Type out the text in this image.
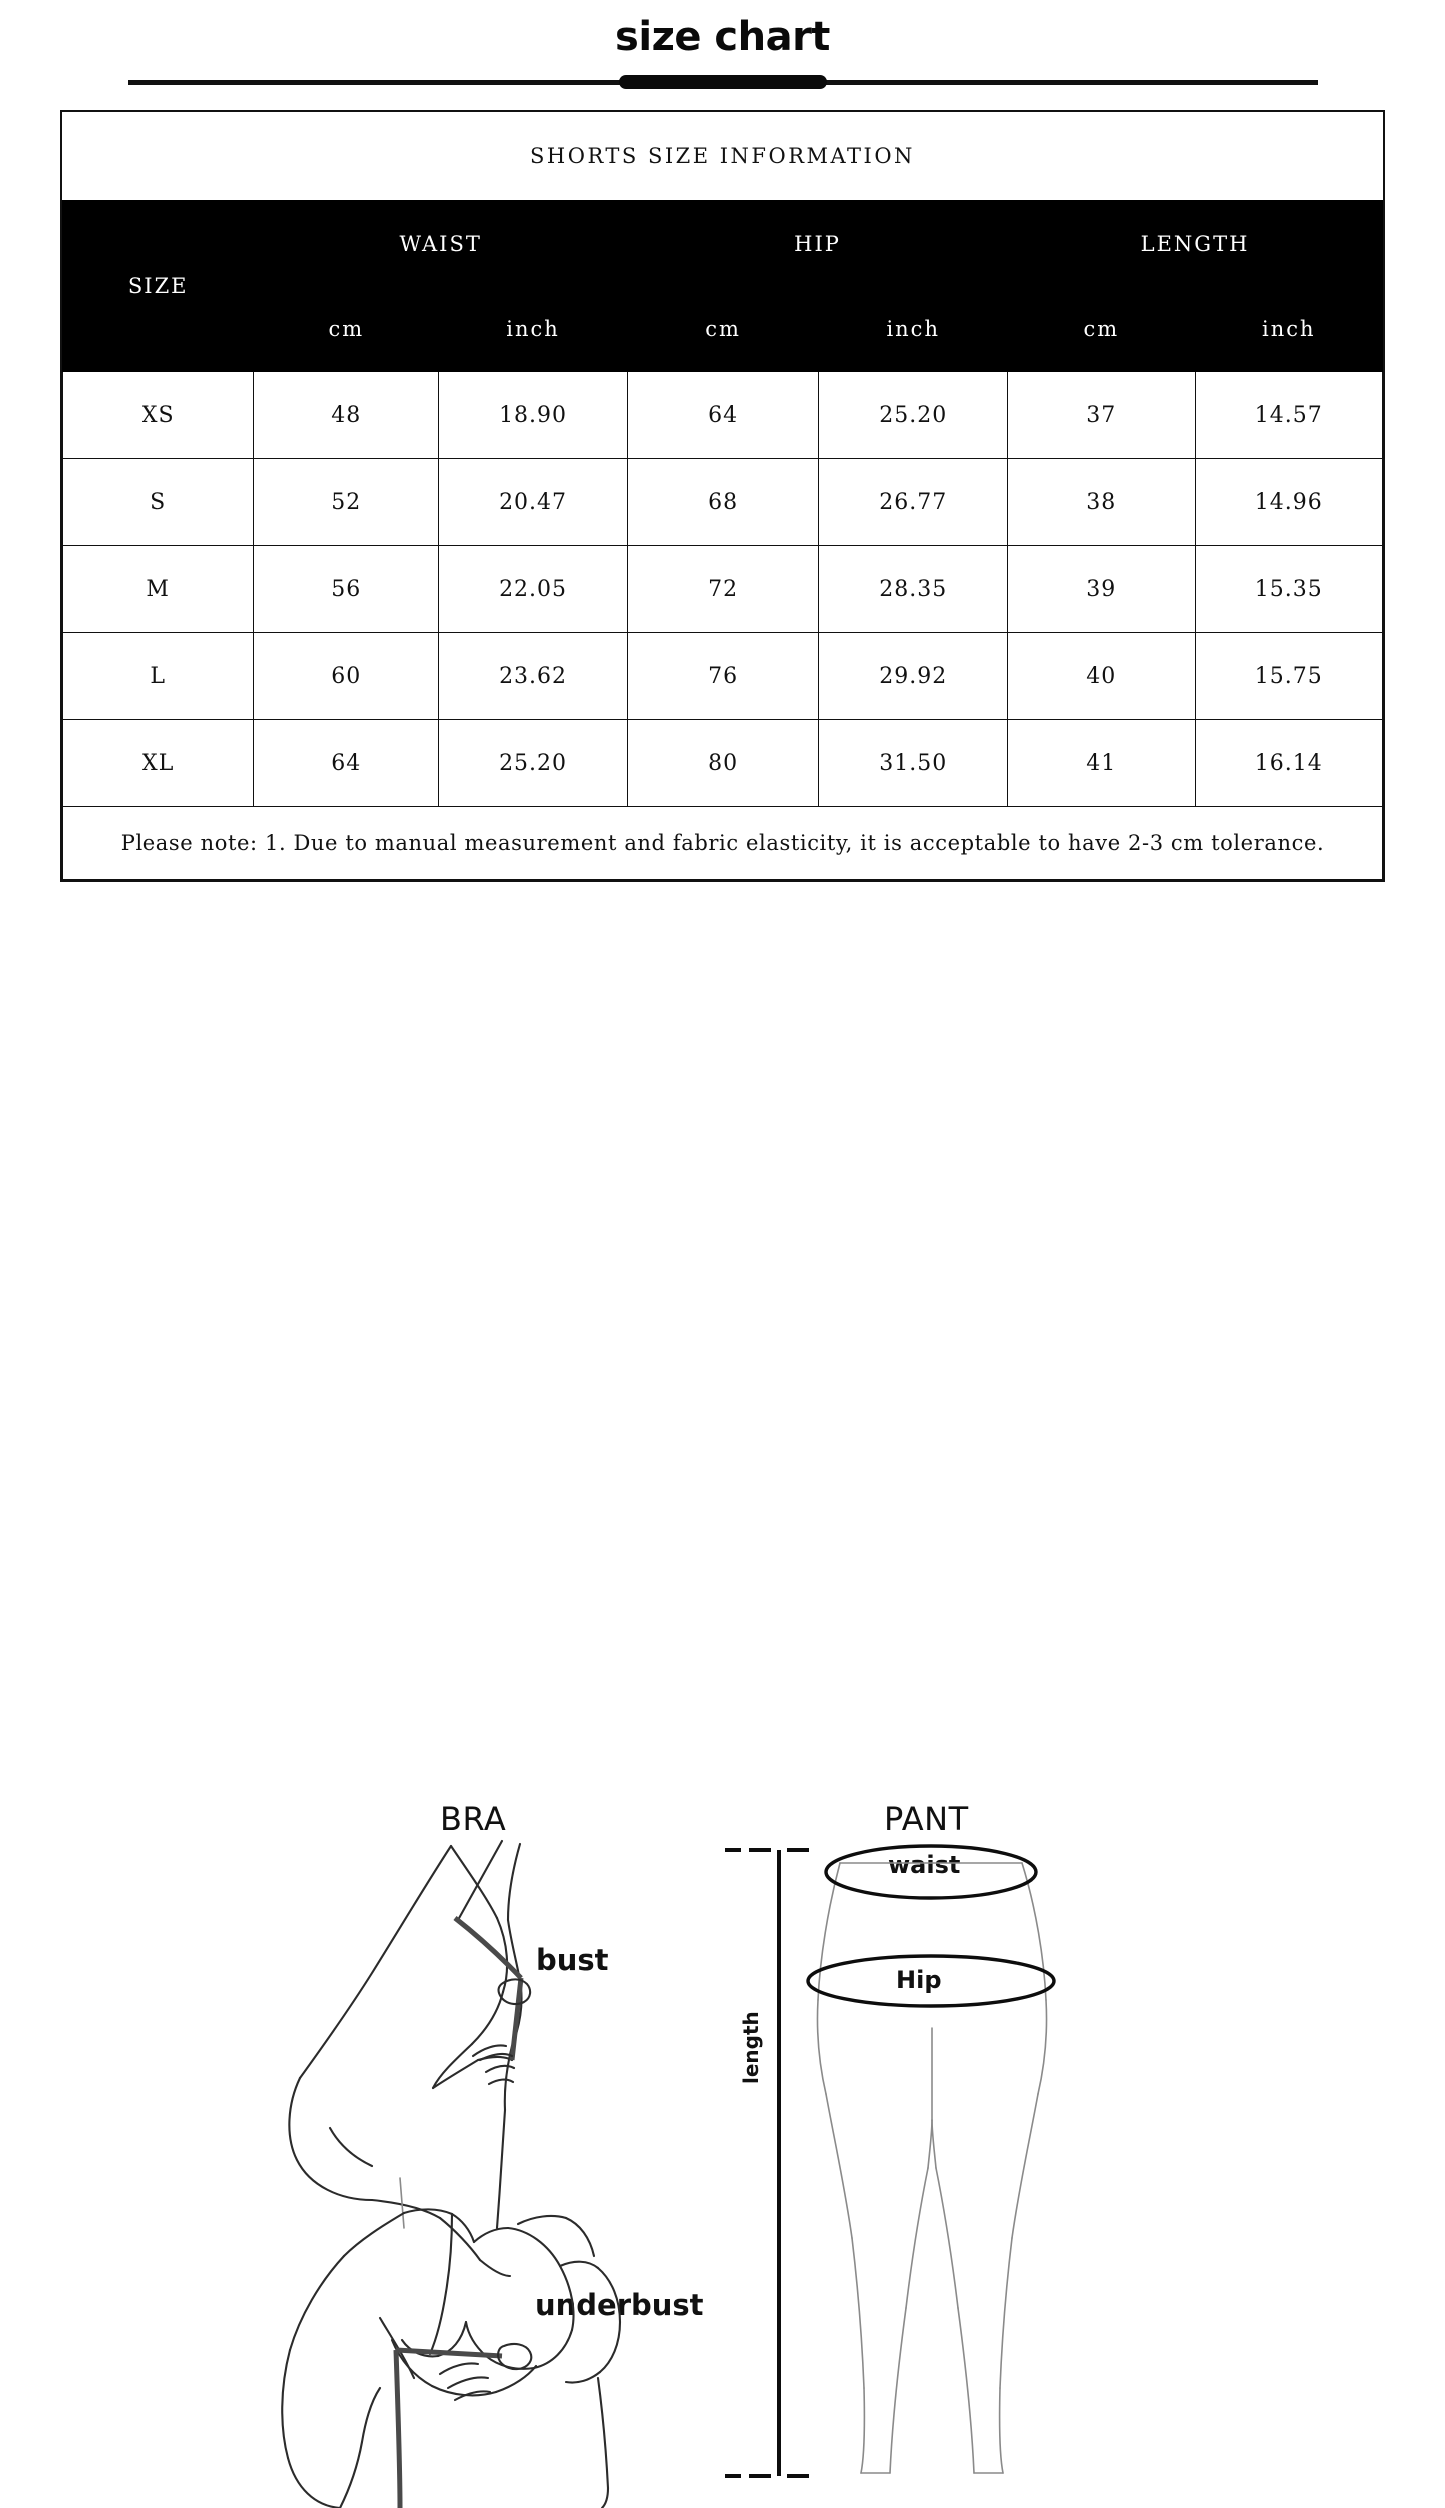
size chart
SHORTS SIZE INFORMATION						
SIZE	WAIST		HIP		LENGTH	
	cm	inch	cm	inch	cm	inch
XS	48	18.90	64	25.20	37	14.57
S	52	20.47	68	26.77	38	14.96
M	56	22.05	72	28.35	39	15.35
L	60	23.62	76	29.92	40	15.75
XL	64	25.20	80	31.50	41	16.14
Please note: 1. Due to manual measurement and fabric elasticity, it is acceptable to have 2-3 cm tolerance.						
BRA	PANT
bust
underbust
waist
Hip
length
